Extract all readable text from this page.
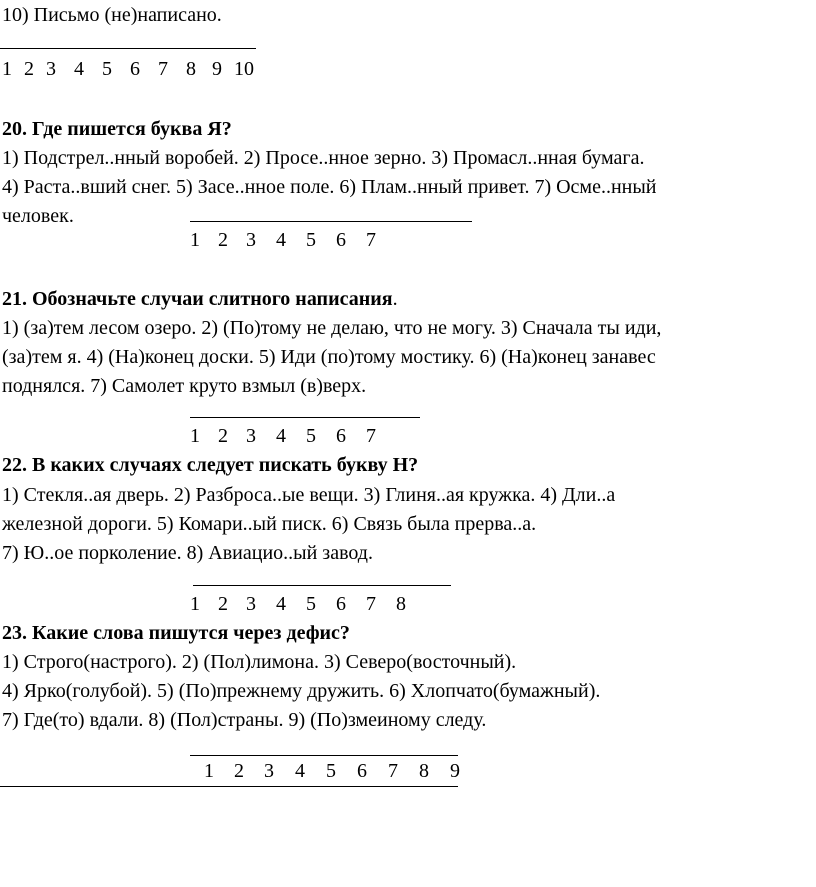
10) Письмо (не)написано.
1 2 3 4 5 6 7 8 9 10
20. Где пишется буква Я?
1) Подстрел..нный воробей. 2) Просе..нное зерно. 3) Промасл..нная бумага.
4) Раста..вший снег. 5) Засе..нное поле. 6) Плам..нный привет. 7) Осме..нный
человек.
1 2 3 4 5 6 7
21. Обозначьте случаи слитного написания.
1) (за)тем лесом озеро. 2) (По)тому не делаю, что не могу. 3) Сначала ты иди,
(за)тем я. 4) (На)конец доски. 5) Иди (по)тому мостику. 6) (На)конец занавес
поднялся. 7) Самолет круто взмыл (в)верх.
1 2 3 4 5 6 7
22. В каких случаях следует пискать букву Н?
1) Стекля..ая дверь. 2) Разброса..ые вещи. 3) Глиня..ая кружка. 4) Дли..а
железной дороги. 5) Комари..ый писк. 6) Связь была прерва..а.
7) Ю..ое порколение. 8) Авиацио..ый завод.
1 2 3 4 5 6 7 8
23. Какие слова пишутся через дефис?
1) Строго(настрого). 2) (Пол)лимона. 3) Северо(восточный).
4) Ярко(голубой). 5) (По)прежнему дружить. 6) Хлопчато(бумажный).
7) Где(то) вдали. 8) (Пол)страны. 9) (По)змеиному следу.
1 2 3 4 5 6 7 8 9
